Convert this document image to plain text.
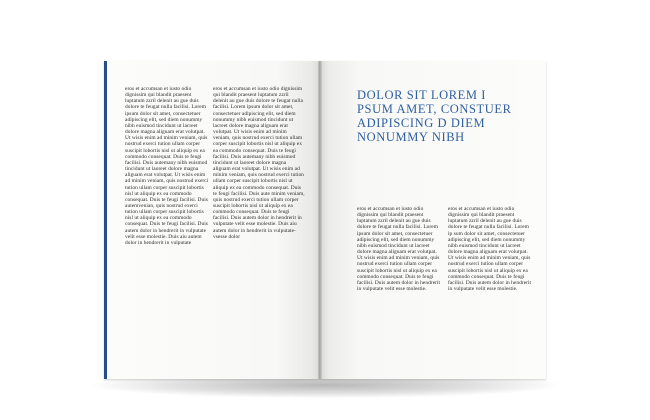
eros et accumsan et iusto odio dignissim qui blandit praesent luptatum zzril delenit au gue duis dolore te feugat nulla facilisi. Lorem ipsum dolor sit amet, consectetuer adipiscing elit, sed diem nonummy nibh euismod tincidunt ut lacreet dolore magna aliguam erat volutpat. Ut wisis enim ad minim veniam, quis nostrud exerci tution ullam corper suscipit lobortis nisl ut aliquip ex ea commodo consequat. Duis te feugi facilisi. Duis autemany nibh euismod tincidunt ut laoreet dolore magna aliguam erat volutpat. Ut wisis enim ad minim veniam, quis nostrud exerci tution ullam corper suscipit lobortis nisl ut aliquip ex ea commodo consequat. Duis te feugi facilisi. Duis autemvenian, quis nostrud exerci tution ullam corper suscipit lobortis nisl ut aliquip ex ea commodo consequat. Duis te feugi facilisi. Duis autem dolor in hendrerit in vulputate velit esse molestie. Duis aiu autem dolor in hendrerit in vulputate
eros et accumsan et iusto odio dignissim qui blandit praesent luptatum zzril delenit au gue duis dolore te feugat nulla facilisi. Lorem ipsum dolor sit amet, consectetuer adipiscing elit, sed diem nonummy nibh euismod tincidunt ut lacreet dolore magna aliguam erat volutpat. Ut wisis enim ad minim veniam, quis nostrud exerci tution ullam corper suscipit lobortis nisl ut aliquip ex ea commodo consequat. Duis te feugi facilisi. Duis autemany nibh euismod tincidunt ut laoreet dolore magna aliguam erat volutpat. Ut wisis enim ad minim veniam, quis nostrud exerci tution ullam corper suscipit lobortis nisl ut aliquip ex ea commodo consequat. Duis te feugi facilisi. Duis aute minim veniam, quis nostrud exerci tution ullam corper suscipit lobortis nisl ut aliquip ex ea commodo consequat. Duis te feugi facilisi. Duis autem dolor in hendrerit in vulputate velit esse molestie. Duis aiu autem dolor in hendrerit in vulputate-vsesse dolor
DOLOR SIT LOREM I
PSUM AMET, CONSTUER
ADIPISCING D DIEM
NONUMMY NIBH
eros et accumsan et iusto odio dignissim qui blandit praesent luptatum zzril delenit au gue duis dolore te feugat nulla facilisi. Lorem ipsum dolor sit amet, consectetuer adipiscing elit, sed diem nonummy nibh euismod tincidunt ut lacreet dolore magna aliguam erat volutpat. Ut wisis enim ad minim veniam, quis nostrud exerci tution ullam corper suscipit lobortis nisl ut aliquip ex ea commodo consequat. Duis te feugi facilisi. Duis autem dolor in hendrerit in vulputate velit esse molestie.
eros et accumsan et iusto odio dignissim qui blandit praesent luptatum zzril delenit au gue duis dolore te feugat nulla facilisi. Lorem ip sum dolor sit amet, consectetuer adipiscing elit, sed diem nonummy nibh euismod tincidunt ut lacreet dolore magna aliguam erat volutpat. Ut wisis enim ad minim veniam, quis nostrud exerci tution ullam corper suscipit lobortis nisl ut aliquip ex ea commodo consequat. Duis te feugi facilisi. Duis autem dolor in hendrerit in vulputate velit esse molestie.
